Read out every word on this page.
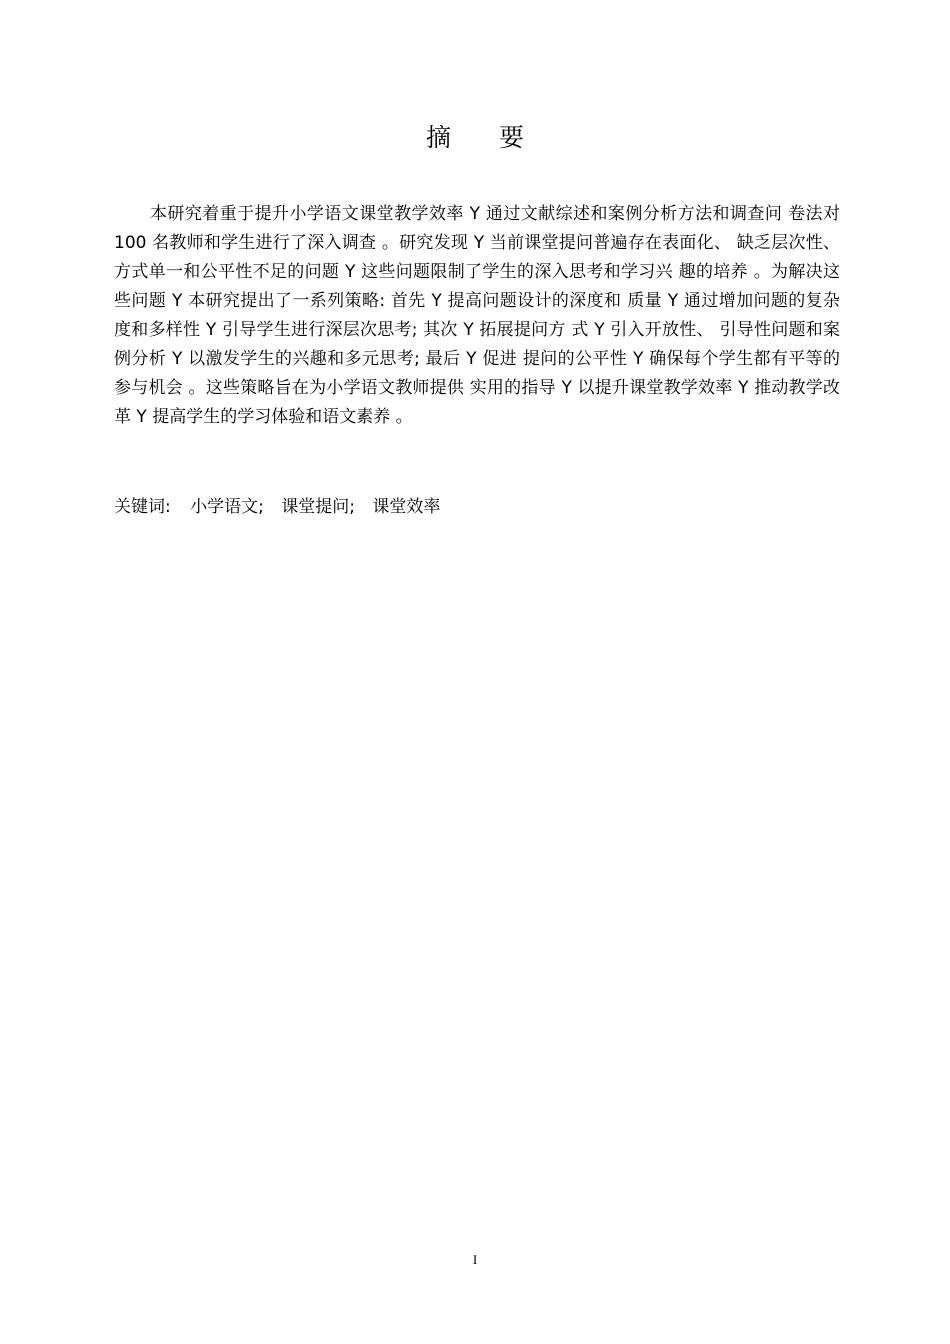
摘 要

本研究着重于提升小学语文课堂教学效率 Y 通过文献综述和案例分析方法和调查问 卷法对 100 名教师和学生进行了深入调查 。研究发现 Y 当前课堂提问普遍存在表面化、 缺乏层次性、方式单一和公平性不足的问题 Y 这些问题限制了学生的深入思考和学习兴 趣的培养 。为解决这些问题 Y 本研究提出了一系列策略: 首先 Y 提高问题设计的深度和 质量 Y 通过增加问题的复杂度和多样性 Y 引导学生进行深层次思考; 其次 Y 拓展提问方 式 Y 引入开放性、 引导性问题和案例分析 Y 以激发学生的兴趣和多元思考; 最后 Y 促进 提问的公平性 Y 确保每个学生都有平等的参与机会 。这些策略旨在为小学语文教师提供 实用的指导 Y 以提升课堂教学效率 Y 推动教学改革 Y 提高学生的学习体验和语文素养 。

关键词: 小学语文; 课堂提问; 课堂效率
I
